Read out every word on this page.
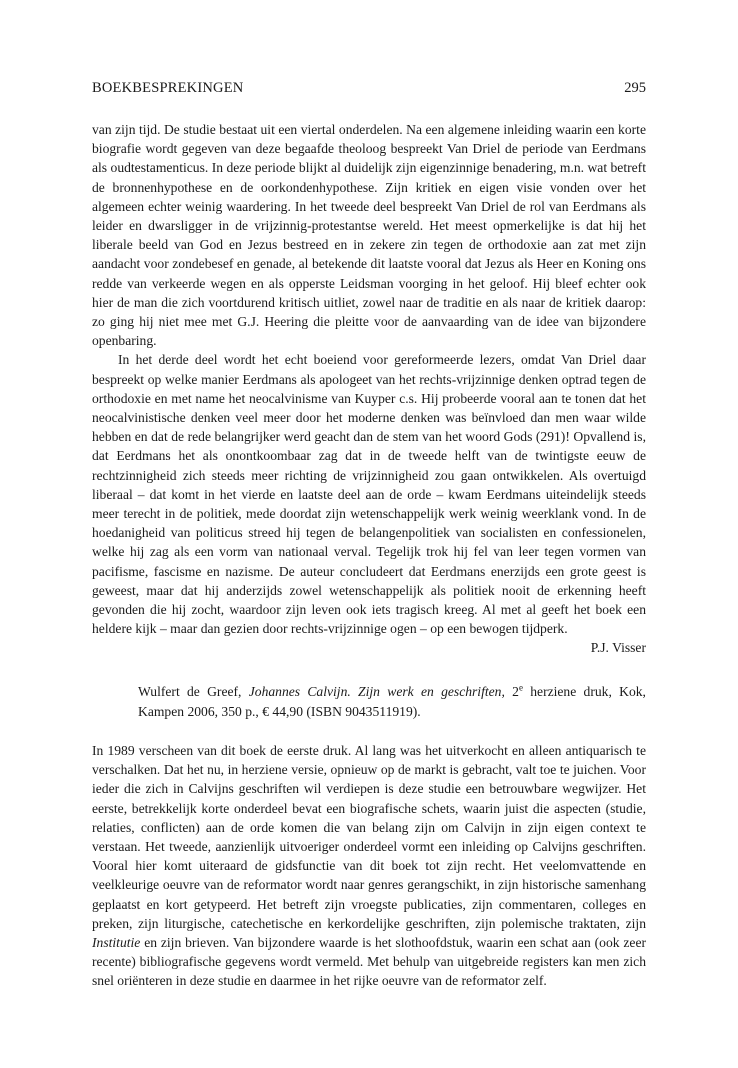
BOEKBESPREKINGEN	295

van zijn tijd. De studie bestaat uit een viertal onderdelen. Na een algemene inleiding waarin een korte biografie wordt gegeven van deze begaafde theoloog bespreekt Van Driel de periode van Eerdmans als oudtestamenticus. In deze periode blijkt al duidelijk zijn eigenzinnige benadering, m.n. wat betreft de bronnenhypothese en de oorkondenhypothese. Zijn kritiek en eigen visie vonden over het algemeen echter weinig waardering. In het tweede deel bespreekt Van Driel de rol van Eerdmans als leider en dwarsligger in de vrijzinnig-protestantse wereld. Het meest opmerkelijke is dat hij het liberale beeld van God en Jezus bestreed en in zekere zin tegen de orthodoxie aan zat met zijn aandacht voor zondebesef en genade, al betekende dit laatste vooral dat Jezus als Heer en Koning ons redde van verkeerde wegen en als opperste Leidsman voorging in het geloof. Hij bleef echter ook hier de man die zich voortdurend kritisch uitliet, zowel naar de traditie en als naar de kritiek daarop: zo ging hij niet mee met G.J. Heering die pleitte voor de aanvaarding van de idee van bijzondere openbaring.

In het derde deel wordt het echt boeiend voor gereformeerde lezers, omdat Van Driel daar bespreekt op welke manier Eerdmans als apologeet van het rechts-vrijzinnige denken optrad tegen de orthodoxie en met name het neocalvinisme van Kuyper c.s. Hij probeerde vooral aan te tonen dat het neocalvinistische denken veel meer door het moderne denken was beïnvloed dan men waar wilde hebben en dat de rede belangrijker werd geacht dan de stem van het woord Gods (291)! Opvallend is, dat Eerdmans het als onontkoombaar zag dat in de tweede helft van de twintigste eeuw de rechtzinnigheid zich steeds meer richting de vrijzinnigheid zou gaan ontwikkelen. Als overtuigd liberaal – dat komt in het vierde en laatste deel aan de orde – kwam Eerdmans uiteindelijk steeds meer terecht in de politiek, mede doordat zijn wetenschappelijk werk weinig weerklank vond. In de hoedanigheid van politicus streed hij tegen de belangenpolitiek van socialisten en confessionelen, welke hij zag als een vorm van nationaal verval. Tegelijk trok hij fel van leer tegen vormen van pacifisme, fascisme en nazisme. De auteur concludeert dat Eerdmans enerzijds een grote geest is geweest, maar dat hij anderzijds zowel wetenschappelijk als politiek nooit de erkenning heeft gevonden die hij zocht, waardoor zijn leven ook iets tragisch kreeg. Al met al geeft het boek een heldere kijk – maar dan gezien door rechts-vrijzinnige ogen – op een bewogen tijdperk.

P.J. Visser

Wulfert de Greef, Johannes Calvijn. Zijn werk en geschriften, 2e herziene druk, Kok, Kampen 2006, 350 p., € 44,90 (ISBN 9043511919).

In 1989 verscheen van dit boek de eerste druk. Al lang was het uitverkocht en alleen antiquarisch te verschalken. Dat het nu, in herziene versie, opnieuw op de markt is gebracht, valt toe te juichen. Voor ieder die zich in Calvijns geschriften wil verdiepen is deze studie een betrouwbare wegwijzer. Het eerste, betrekkelijk korte onderdeel bevat een biografische schets, waarin juist die aspecten (studie, relaties, conflicten) aan de orde komen die van belang zijn om Calvijn in zijn eigen context te verstaan. Het tweede, aanzienlijk uitvoeriger onderdeel vormt een inleiding op Calvijns geschriften. Vooral hier komt uiteraard de gidsfunctie van dit boek tot zijn recht. Het veelomvattende en veelkleurige oeuvre van de reformator wordt naar genres gerangschikt, in zijn historische samenhang geplaatst en kort getypeerd. Het betreft zijn vroegste publicaties, zijn commentaren, colleges en preken, zijn liturgische, catechetische en kerkordelijke geschriften, zijn polemische traktaten, zijn Institutie en zijn brieven. Van bijzondere waarde is het slothoofdstuk, waarin een schat aan (ook zeer recente) bibliografische gegevens wordt vermeld. Met behulp van uitgebreide registers kan men zich snel oriënteren in deze studie en daarmee in het rijke oeuvre van de reformator zelf.
